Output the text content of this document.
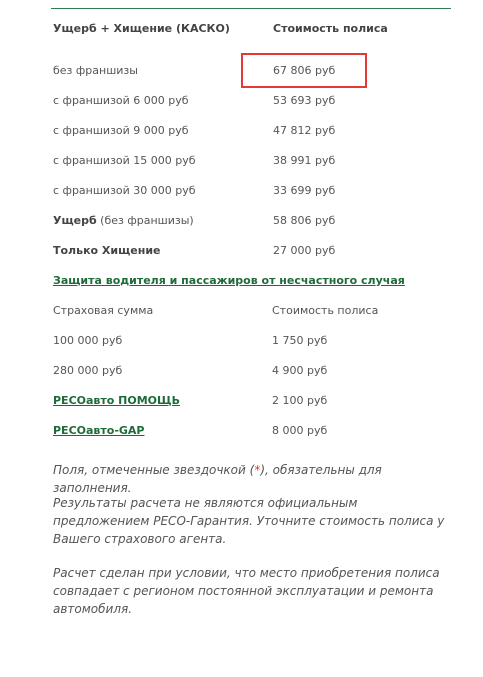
Ущерб + Хищение (КАСКО)	Стоимость полиса
без франшизы	67 806 руб
с франшизой 6 000 руб	53 693 руб
с франшизой 9 000 руб	47 812 руб
с франшизой 15 000 руб	38 991 руб
с франшизой 30 000 руб	33 699 руб
Ущерб (без франшизы)	58 806 руб
Только Хищение	27 000 руб
Защита водителя и пассажиров от несчастного случая
Страховая сумма	Стоимость полиса
100 000 руб	1 750 руб
280 000 руб	4 900 руб
РЕСОавто ПОМОЩЬ	2 100 руб
РЕСОавто-GAP	8 000 руб
Поля, отмеченные звездочкой (*), обязательны для заполнения.
Результаты расчета не являются официальным предложением РЕСО-Гарантия. Уточните стоимость полиса у Вашего страхового агента.
Расчет сделан при условии, что место приобретения полиса совпадает с регионом постоянной эксплуатации и ремонта автомобиля.
